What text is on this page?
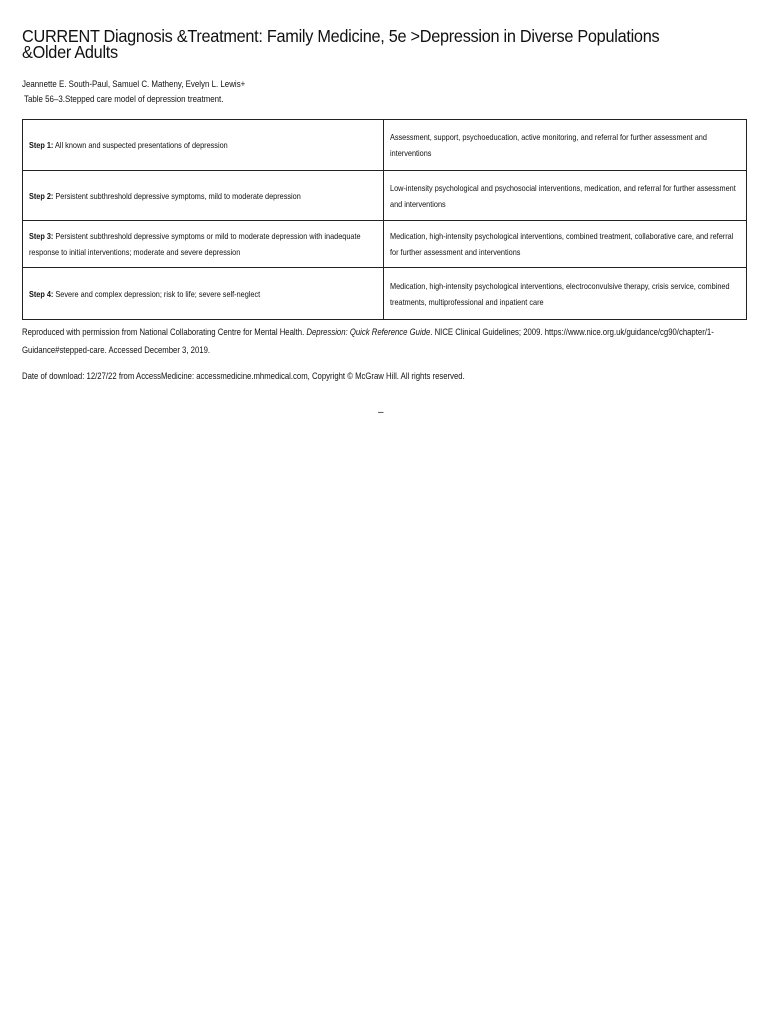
CURRENT Diagnosis &Treatment: Family Medicine, 5e >Depression in Diverse Populations &Older Adults
Jeannette E. South-Paul, Samuel C. Matheny, Evelyn L. Lewis+
Table 56–3.Stepped care model of depression treatment.
Step 1: All known and suspected presentations of depression	Assessment, support, psychoeducation, active monitoring, and referral for further assessment and interventions

Step 2: Persistent subthreshold depressive symptoms, mild to moderate depression	Low-intensity psychological and psychosocial interventions, medication, and referral for further assessment and interventions

Step 3: Persistent subthreshold depressive symptoms or mild to moderate depression with inadequate response to initial interventions; moderate and severe depression	Medication, high-intensity psychological interventions, combined treatment, collaborative care, and referral for further assessment and interventions

Step 4: Severe and complex depression; risk to life; severe self-neglect	Medication, high-intensity psychological interventions, electroconvulsive therapy, crisis service, combined treatments, multiprofessional and inpatient care
Reproduced with permission from National Collaborating Centre for Mental Health. Depression: Quick Reference Guide. NICE Clinical Guidelines; 2009. https://www.nice.org.uk/guidance/cg90/chapter/1-Guidance#stepped-care. Accessed December 3, 2019.
Date of download: 12/27/22 from AccessMedicine: accessmedicine.mhmedical.com, Copyright © McGraw Hill. All rights reserved.
–
